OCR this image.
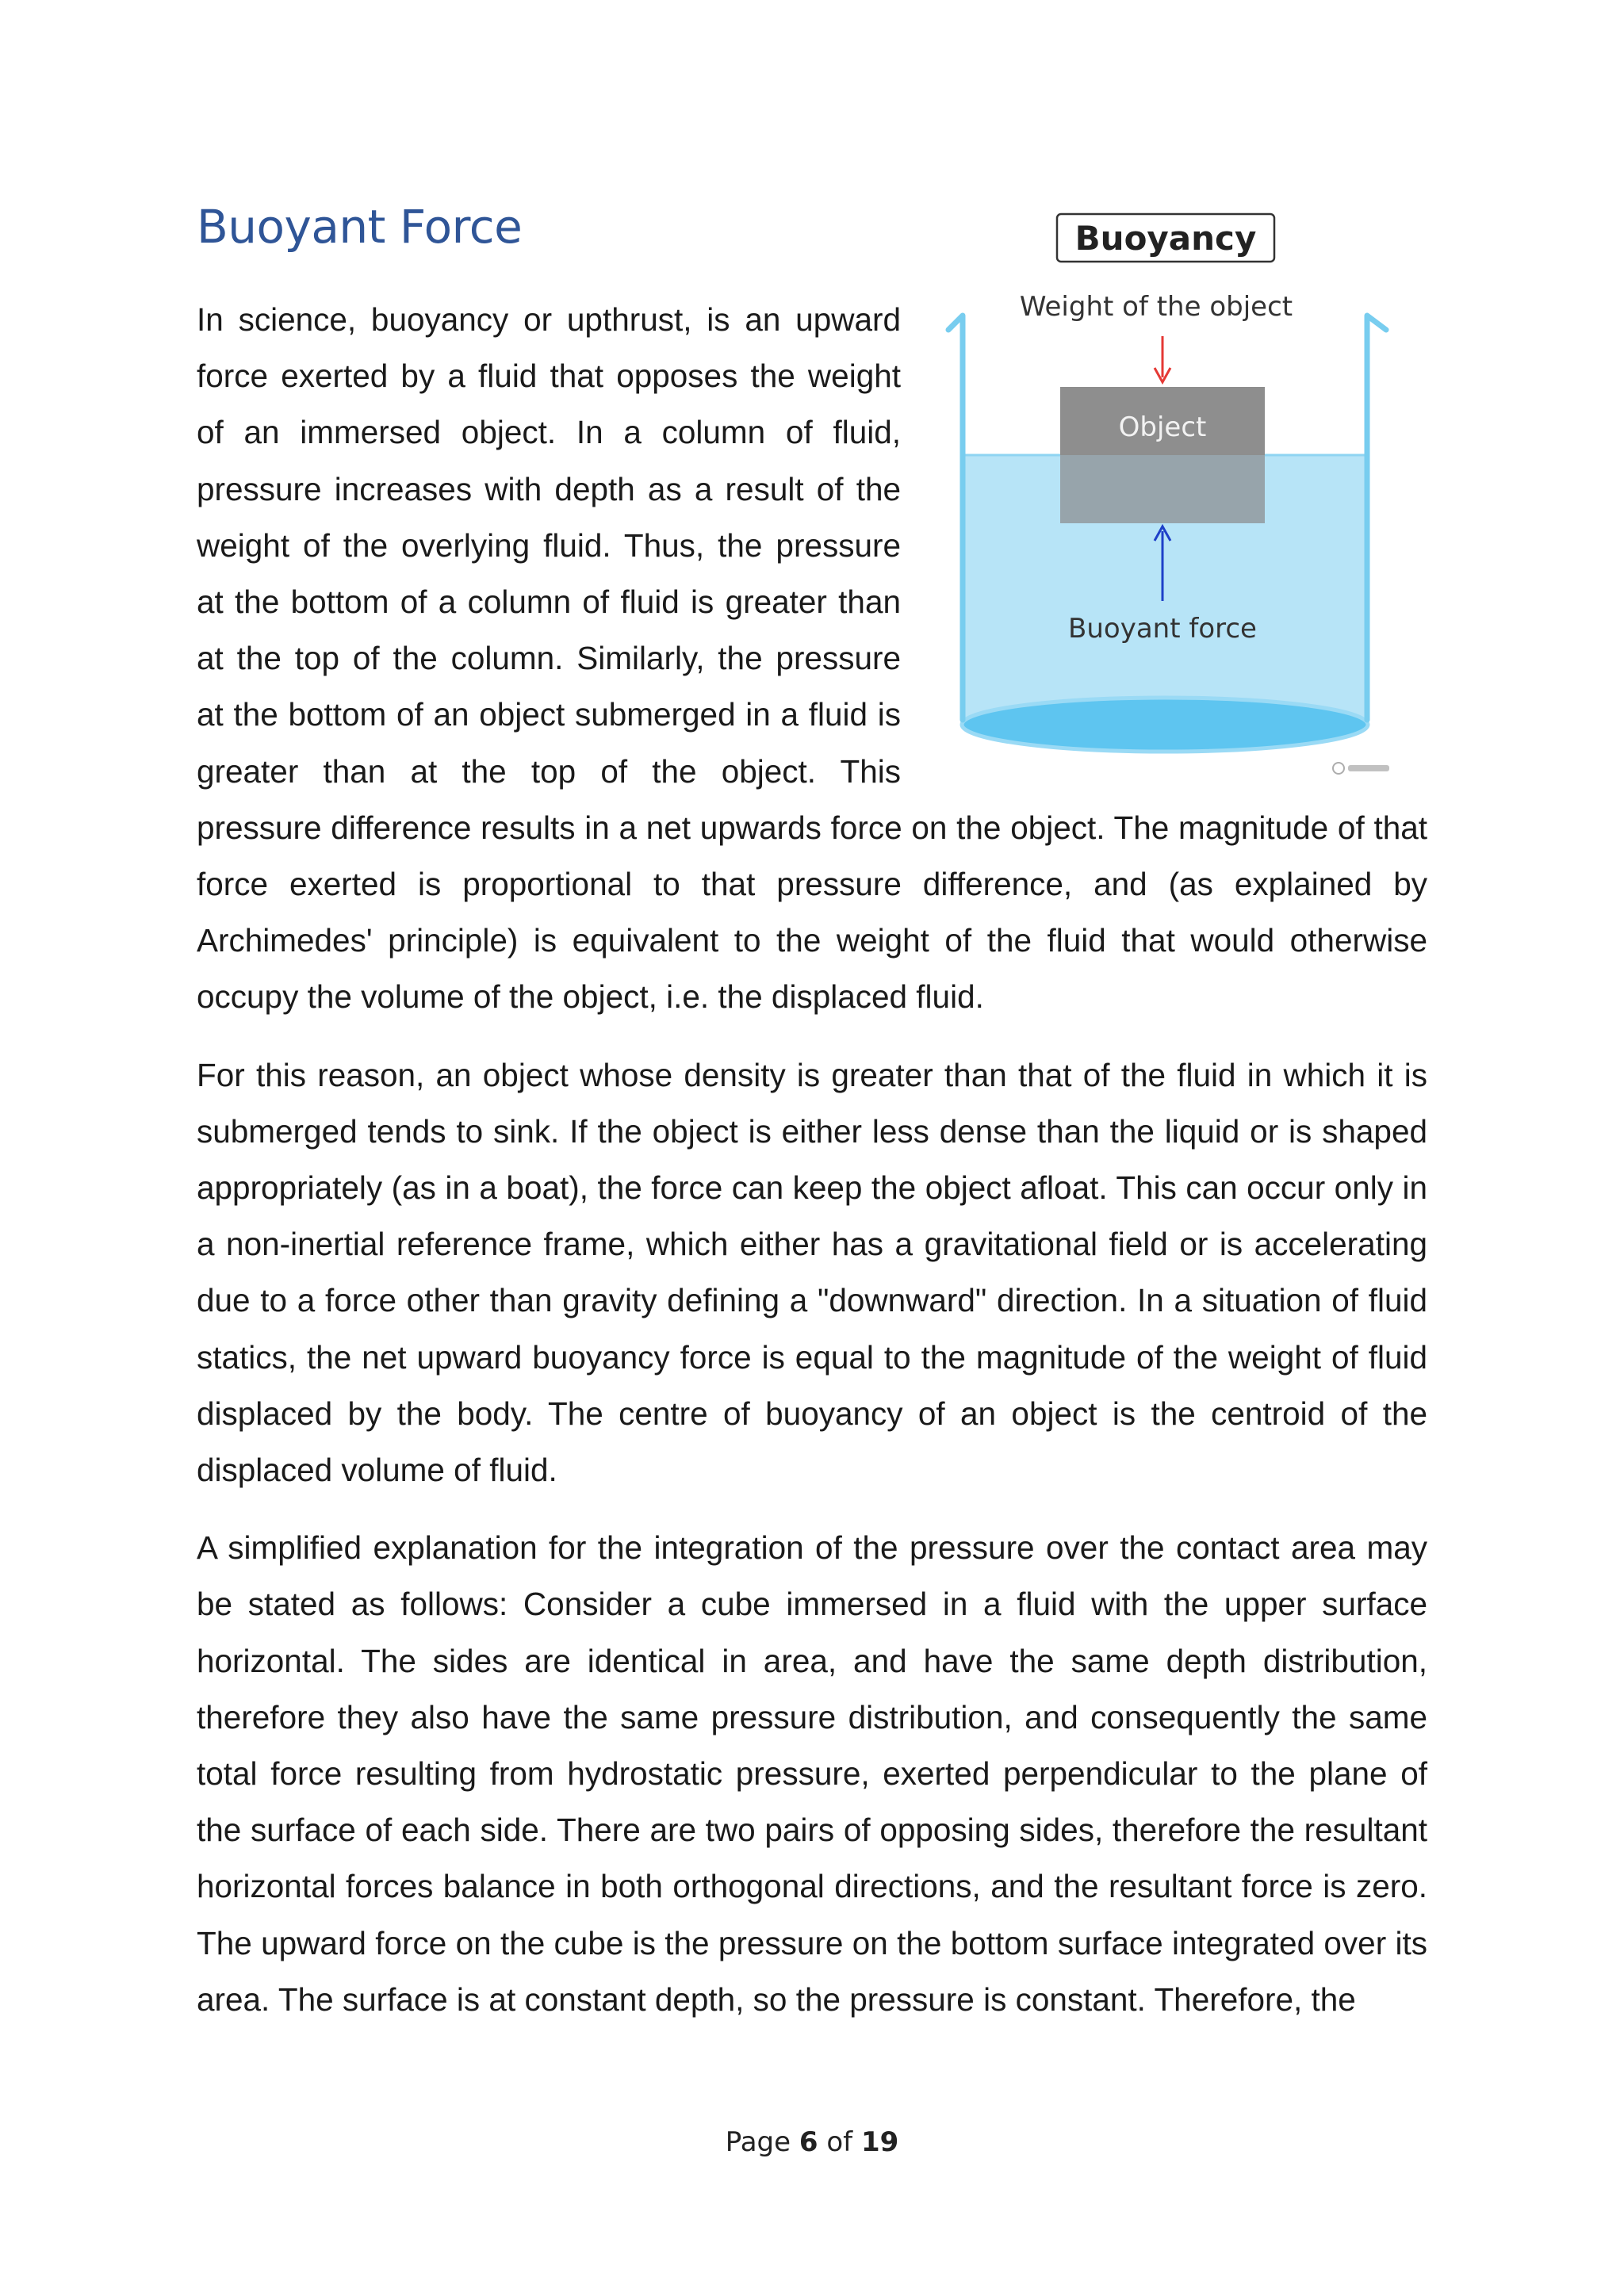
Buoyant Force	Buoyancy
Weight of the object
Object
Buoyant force

In science, buoyancy or upthrust, is an upward force exerted by a fluid that opposes the weight of an immersed object. In a column of fluid, pressure increases with depth as a result of the weight of the overlying fluid. Thus, the pressure at the bottom of a column of fluid is greater than at the top of the column. Similarly, the pressure at the bottom of an object submerged in a fluid is greater than at the top of the object. This pressure difference results in a net upwards force on the object. The magnitude of that force exerted is proportional to that pressure difference, and (as explained by Archimedes' principle) is equivalent to the weight of the fluid that would otherwise occupy the volume of the object, i.e. the displaced fluid.

For this reason, an object whose density is greater than that of the fluid in which it is submerged tends to sink. If the object is either less dense than the liquid or is shaped appropriately (as in a boat), the force can keep the object afloat. This can occur only in a non-inertial reference frame, which either has a gravitational field or is accelerating due to a force other than gravity defining a "downward" direction. In a situation of fluid statics, the net upward buoyancy force is equal to the magnitude of the weight of fluid displaced by the body. The centre of buoyancy of an object is the centroid of the displaced volume of fluid.

A simplified explanation for the integration of the pressure over the contact area may be stated as follows: Consider a cube immersed in a fluid with the upper surface horizontal. The sides are identical in area, and have the same depth distribution, therefore they also have the same pressure distribution, and consequently the same total force resulting from hydrostatic pressure, exerted perpendicular to the plane of the surface of each side. There are two pairs of opposing sides, therefore the resultant horizontal forces balance in both orthogonal directions, and the resultant force is zero. The upward force on the cube is the pressure on the bottom surface integrated over its area. The surface is at constant depth, so the pressure is constant. Therefore, the

Page 6 of 19
